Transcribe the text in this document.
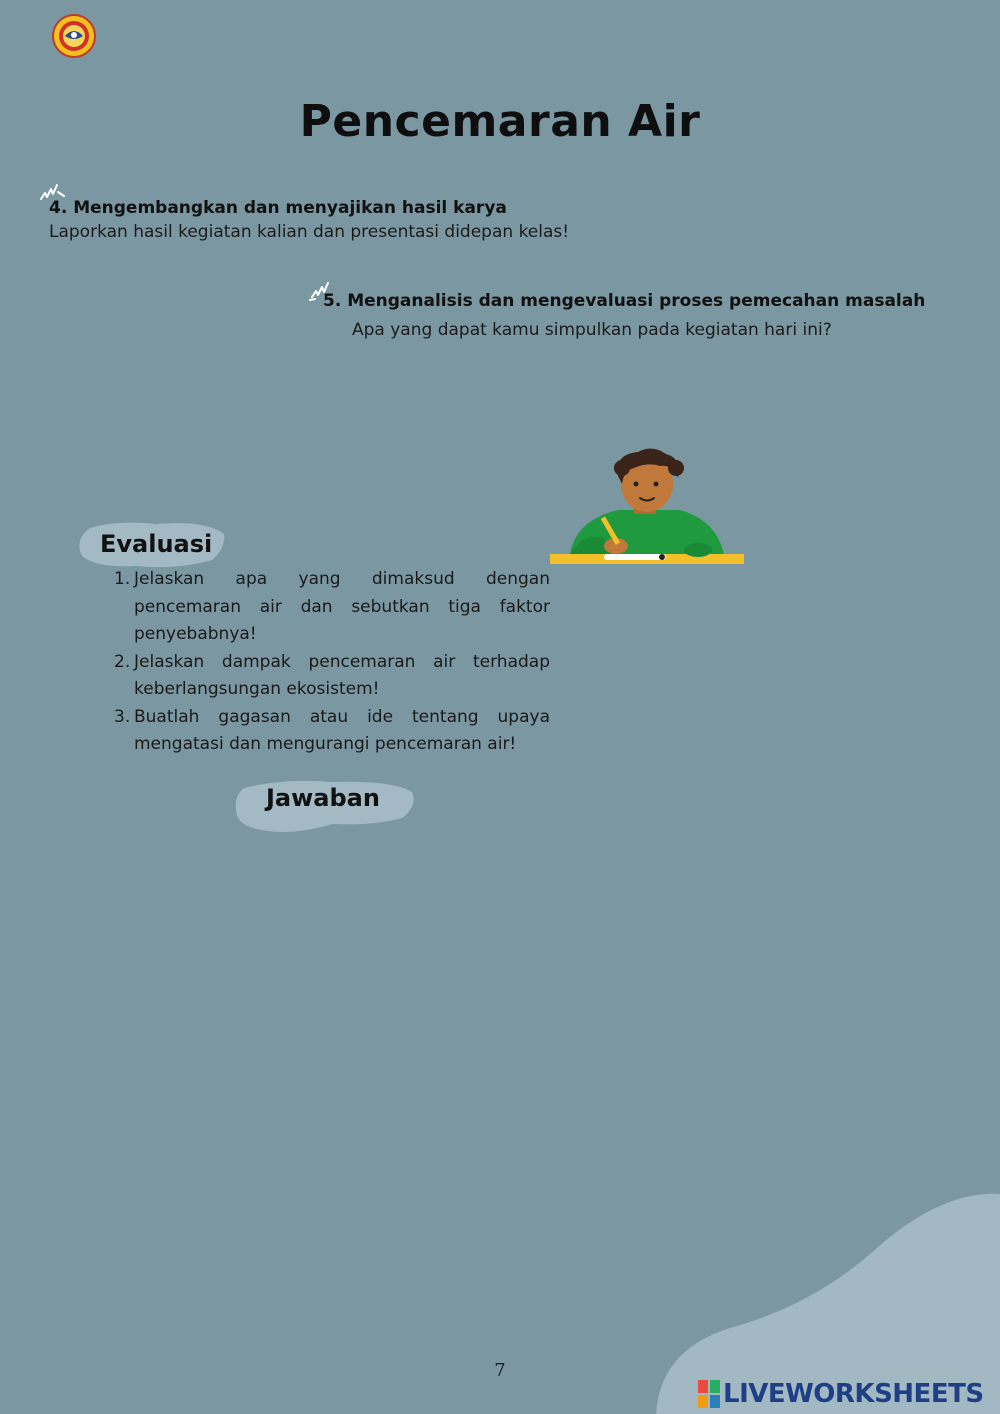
Pencemaran Air
4. Mengembangkan dan menyajikan hasil karya
Laporkan hasil kegiatan kalian dan presentasi didepan kelas!
5. Menganalisis dan mengevaluasi proses pemecahan masalah
Apa yang dapat kamu simpulkan pada kegiatan hari ini?
Evaluasi
1. Jelaskan apa yang dimaksud dengan pencemaran air dan sebutkan tiga faktor penyebabnya!
2. Jelaskan dampak pencemaran air terhadap keberlangsungan ekosistem!
3. Buatlah gagasan atau ide tentang upaya mengatasi dan mengurangi pencemaran air!
Jawaban
7
LIVEWORKSHEETS
